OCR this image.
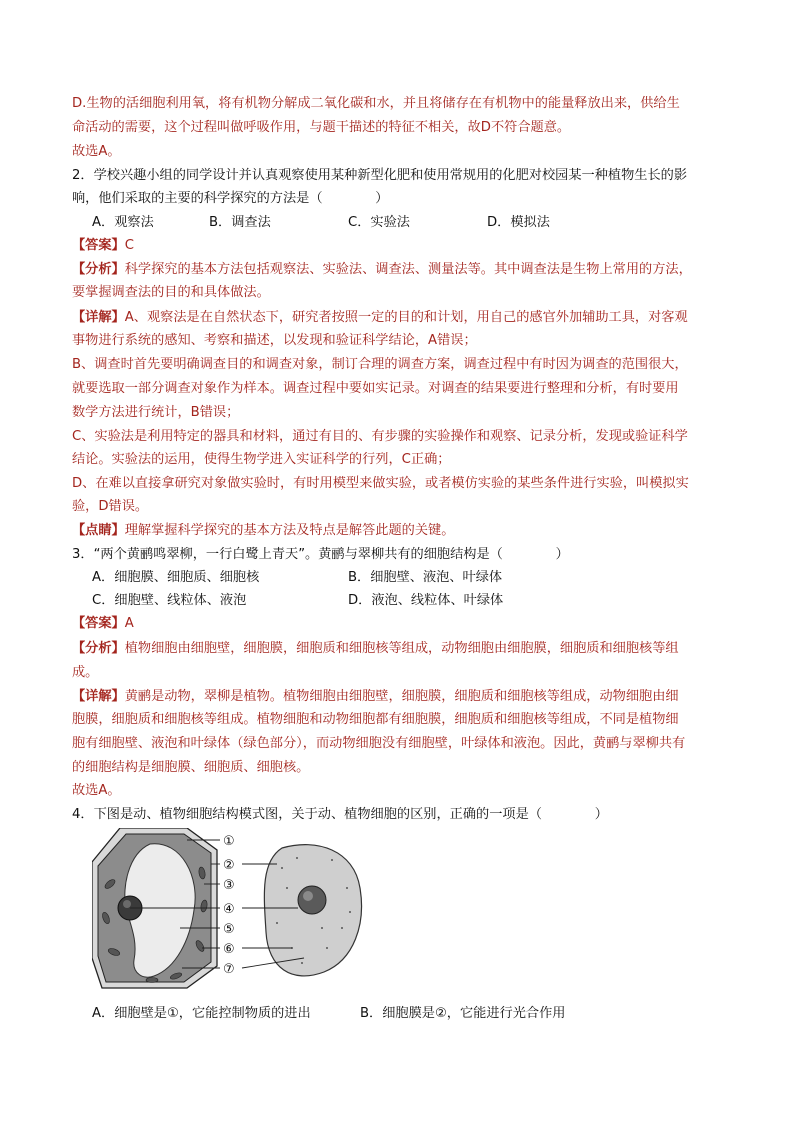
D.生物的活细胞利用氧，将有机物分解成二氧化碳和水，并且将储存在有机物中的能量释放出来，供给生
命活动的需要，这个过程叫做呼吸作用，与题干描述的特征不相关，故D不符合题意。
故选A。
2．学校兴趣小组的同学设计并认真观察使用某种新型化肥和使用常规用的化肥对校园某一种植物生长的影
响，他们采取的主要的科学探究的方法是（　　　　）
A．观察法	B．调查法	C．实验法	D．模拟法
【答案】C
【分析】科学探究的基本方法包括观察法、实验法、调查法、测量法等。其中调查法是生物上常用的方法，
要掌握调查法的目的和具体做法。
【详解】A、观察法是在自然状态下，研究者按照一定的目的和计划，用自己的感官外加辅助工具，对客观
事物进行系统的感知、考察和描述，以发现和验证科学结论，A错误；
B、调查时首先要明确调查目的和调查对象，制订合理的调查方案，调查过程中有时因为调查的范围很大，
就要选取一部分调查对象作为样本。调查过程中要如实记录。对调查的结果要进行整理和分析，有时要用
数学方法进行统计，B错误；
C、实验法是利用特定的器具和材料，通过有目的、有步骤的实验操作和观察、记录分析，发现或验证科学
结论。实验法的运用，使得生物学进入实证科学的行列，C正确；
D、在难以直接拿研究对象做实验时，有时用模型来做实验，或者模仿实验的某些条件进行实验，叫模拟实
验，D错误。
【点睛】理解掌握科学探究的基本方法及特点是解答此题的关键。
3．“两个黄鹂鸣翠柳，一行白鹭上青天”。黄鹂与翠柳共有的细胞结构是（　　　　）
A．细胞膜、细胞质、细胞核	B．细胞壁、液泡、叶绿体
C．细胞壁、线粒体、液泡	D．液泡、线粒体、叶绿体
【答案】A
【分析】植物细胞由细胞壁，细胞膜，细胞质和细胞核等组成，动物细胞由细胞膜，细胞质和细胞核等组
成。
【详解】黄鹂是动物，翠柳是植物。植物细胞由细胞壁，细胞膜，细胞质和细胞核等组成，动物细胞由细
胞膜，细胞质和细胞核等组成。植物细胞和动物细胞都有细胞膜，细胞质和细胞核等组成，不同是植物细
胞有细胞壁、液泡和叶绿体（绿色部分），而动物细胞没有细胞壁，叶绿体和液泡。因此，黄鹂与翠柳共有
的细胞结构是细胞膜、细胞质、细胞核。
故选A。
4．下图是动、植物细胞结构模式图，关于动、植物细胞的区别，正确的一项是（　　　　）
①
②
③
④
⑤
⑥
⑦
A．细胞壁是①，它能控制物质的进出	B．细胞膜是②，它能进行光合作用
